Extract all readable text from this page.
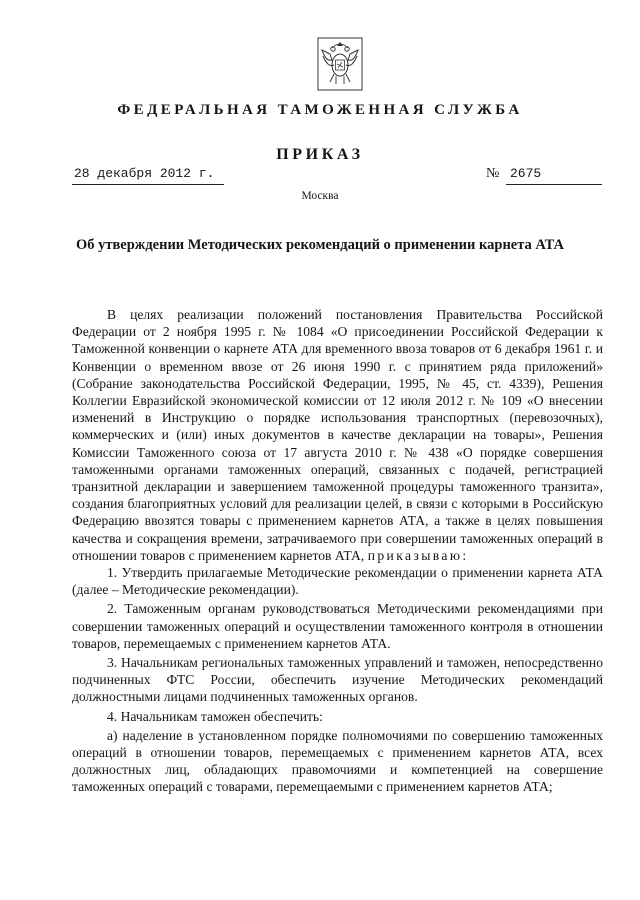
ФЕДЕРАЛЬНАЯ ТАМОЖЕННАЯ СЛУЖБА
ПРИКАЗ
28 декабря 2012 г.	№ 2675
Москва
Об утверждении Методических рекомендаций о применении карнета АТА

В целях реализации положений постановления Правительства Российской Федерации от 2 ноября 1995 г. № 1084 «О присоединении Российской Федерации к Таможенной конвенции о карнете АТА для временного ввоза товаров от 6 декабря 1961 г. и Конвенции о временном ввозе от 26 июня 1990 г. с принятием ряда приложений» (Собрание законодательства Российской Федерации, 1995, № 45, ст. 4339), Решения Коллегии Евразийской экономической комиссии от 12 июля 2012 г. № 109 «О внесении изменений в Инструкцию о порядке использования транспортных (перевозочных), коммерческих и (или) иных документов в качестве декларации на товары», Решения Комиссии Таможенного союза от 17 августа 2010 г. № 438 «О порядке совершения таможенными органами таможенных операций, связанных с подачей, регистрацией транзитной декларации и завершением таможенной процедуры таможенного транзита», создания благоприятных условий для реализации целей, в связи с которыми в Российскую Федерацию ввозятся товары с применением карнетов АТА, а также в целях повышения качества и сокращения времени, затрачиваемого при совершении таможенных операций в отношении товаров с применением карнетов АТА, приказываю:

1. Утвердить прилагаемые Методические рекомендации о применении карнета АТА (далее – Методические рекомендации).

2. Таможенным органам руководствоваться Методическими рекомендациями при совершении таможенных операций и осуществлении таможенного контроля в отношении товаров, перемещаемых с применением карнетов АТА.

3. Начальникам региональных таможенных управлений и таможен, непосредственно подчиненных ФТС России, обеспечить изучение Методических рекомендаций должностными лицами подчиненных таможенных органов.

4. Начальникам таможен обеспечить:

а) наделение в установленном порядке полномочиями по совершению таможенных операций в отношении товаров, перемещаемых с применением карнетов АТА, всех должностных лиц, обладающих правомочиями и компетенцией на совершение таможенных операций с товарами, перемещаемыми с применением карнетов АТА;
